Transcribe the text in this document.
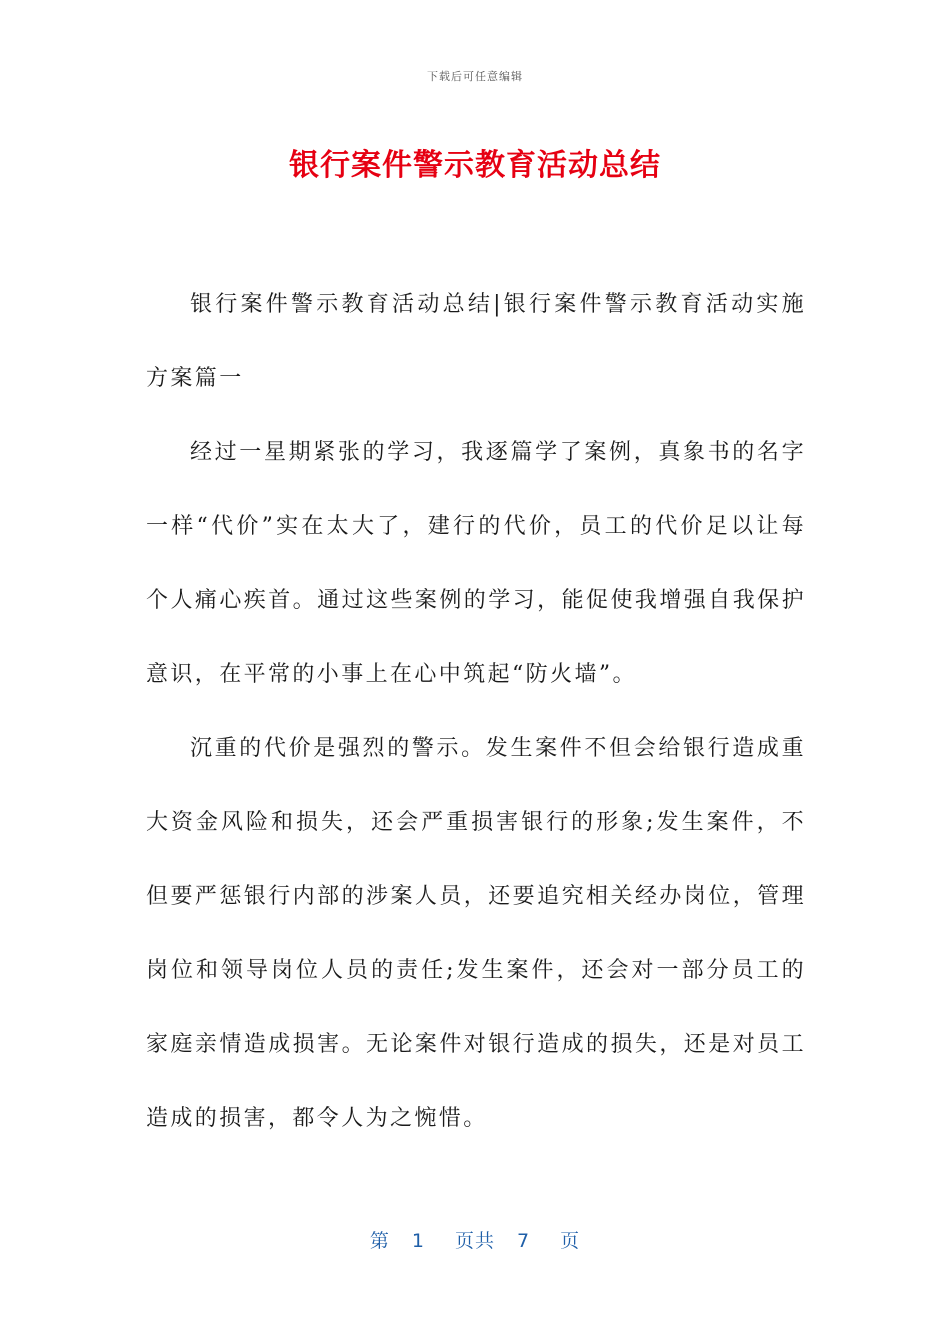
下载后可任意编辑
银行案件警示教育活动总结

银行案件警示教育活动总结|银行案件警示教育活动实施方案篇一

经过一星期紧张的学习，我逐篇学了案例，真象书的名字一样“代价”实在太大了，建行的代价，员工的代价足以让每个人痛心疾首。通过这些案例的学习，能促使我增强自我保护意识，在平常的小事上在心中筑起“防火墙”。

沉重的代价是强烈的警示。发生案件不但会给银行造成重大资金风险和损失，还会严重损害银行的形象;发生案件，不但要严惩银行内部的涉案人员，还要追究相关经办岗位，管理岗位和领导岗位人员的责任;发生案件，还会对一部分员工的家庭亲情造成损害。无论案件对银行造成的损失，还是对员工造成的损害，都令人为之惋惜。

第 1 页共 7 页
